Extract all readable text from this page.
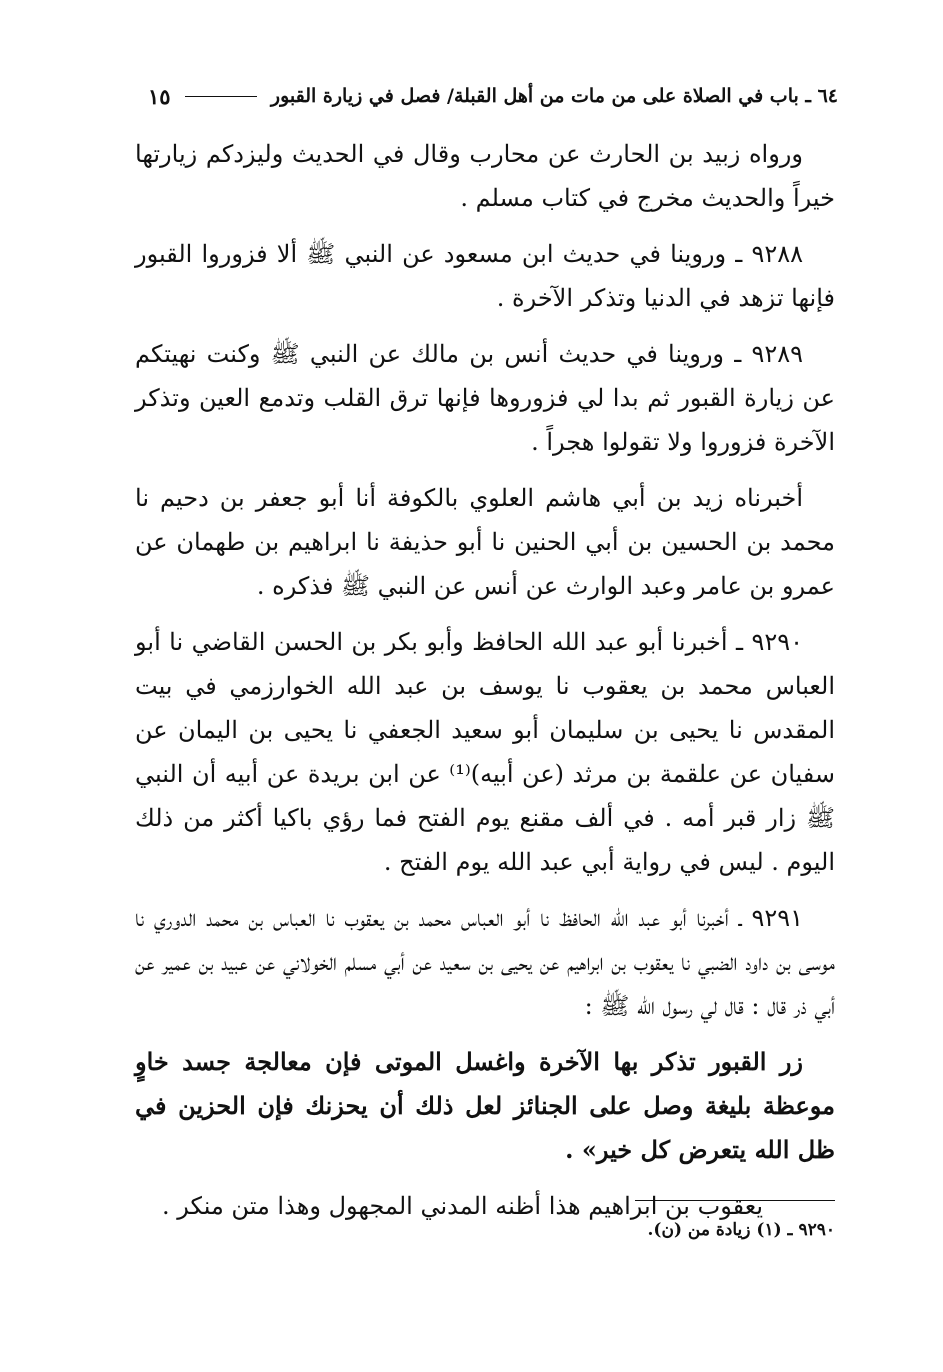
٦٤ ـ باب في الصلاة على من مات من أهل القبلة/ فصل في زيارة القبور
١٥

ورواه زبيد بن الحارث عن محارب وقال في الحديث وليزدكم زيارتها خيراً والحديث مخرج في كتاب مسلم .

٩٢٨٨ ـ وروينا في حديث ابن مسعود عن النبي ﷺ ألا فزوروا القبور فإنها تزهد في الدنيا وتذكر الآخرة .

٩٢٨٩ ـ وروينا في حديث أنس بن مالك عن النبي ﷺ وكنت نهيتكم عن زيارة القبور ثم بدا لي فزوروها فإنها ترق القلب وتدمع العين وتذكر الآخرة فزوروا ولا تقولوا هجراً .

أخبرناه زيد بن أبي هاشم العلوي بالكوفة أنا أبو جعفر بن دحيم نا محمد بن الحسين بن أبي الحنين نا أبو حذيفة نا ابراهيم بن طهمان عن عمرو بن عامر وعبد الوارث عن أنس عن النبي ﷺ فذكره .

٩٢٩٠ ـ أخبرنا أبو عبد الله الحافظ وأبو بكر بن الحسن القاضي نا أبو العباس محمد بن يعقوب نا يوسف بن عبد الله الخوارزمي في بيت المقدس نا يحيى بن سليمان أبو سعيد الجعفي نا يحيى بن اليمان عن سفيان عن علقمة بن مرثد (عن أبيه)⁽¹⁾ عن ابن بريدة عن أبيه أن النبي ﷺ زار قبر أمه . في ألف مقنع يوم الفتح فما رؤي باكيا أكثر من ذلك اليوم . ليس في رواية أبي عبد الله يوم الفتح .

٩٢٩١ ـ أخبرنا أبو عبد الله الحافظ نا أبو العباس محمد بن يعقوب نا العباس بن محمد الدوري نا موسى بن داود الضبي نا يعقوب بن ابراهيم عن يحيى بن سعيد عن أبي مسلم الخولاني عن عبيد بن عمير عن أبي ذر قال : قال لي رسول الله ﷺ :

زر القبور تذكر بها الآخرة واغسل الموتى فإن معالجة جسد خاوٍ موعظة بليغة وصل على الجنائز لعل ذلك أن يحزنك فإن الحزين في ظل الله يتعرض كل خير» .

يعقوب بن ابراهيم هذا أظنه المدني المجهول وهذا متن منكر .

٩٢٩٠ ـ (١) زيادة من (ن).
